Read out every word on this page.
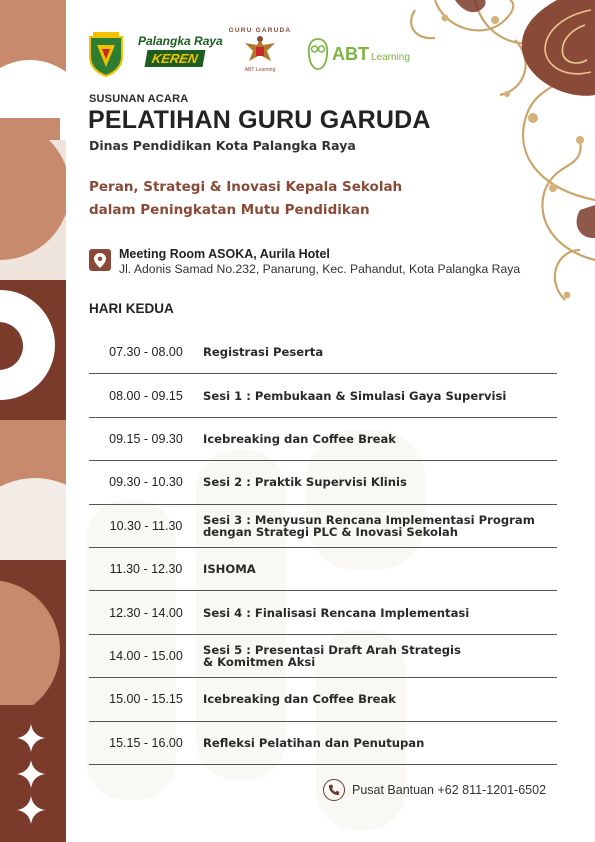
Palangka Raya
KEREN
GURU GARUDA
ABT Learning
ABT Learning
SUSUNAN ACARA
PELATIHAN GURU GARUDA
Dinas Pendidikan Kota Palangka Raya
Peran, Strategi & Inovasi Kepala Sekolah
dalam Peningkatan Mutu Pendidikan
Meeting Room ASOKA, Aurila Hotel
Jl. Adonis Samad No.232, Panarung, Kec. Pahandut, Kota Palangka Raya
HARI KEDUA
07.30 - 08.00	Registrasi Peserta
08.00 - 09.15	Sesi 1 : Pembukaan & Simulasi Gaya Supervisi
09.15 - 09.30	Icebreaking dan Coffee Break
09.30 - 10.30	Sesi 2 : Praktik Supervisi Klinis
10.30 - 11.30	Sesi 3 : Menyusun Rencana Implementasi Program
dengan Strategi PLC & Inovasi Sekolah
11.30 - 12.30	ISHOMA
12.30 - 14.00	Sesi 4 : Finalisasi Rencana Implementasi
14.00 - 15.00	Sesi 5 : Presentasi Draft Arah Strategis
& Komitmen Aksi
15.00 - 15.15	Icebreaking dan Coffee Break
15.15 - 16.00	Refleksi Pelatihan dan Penutupan
Pusat Bantuan +62 811-1201-6502
